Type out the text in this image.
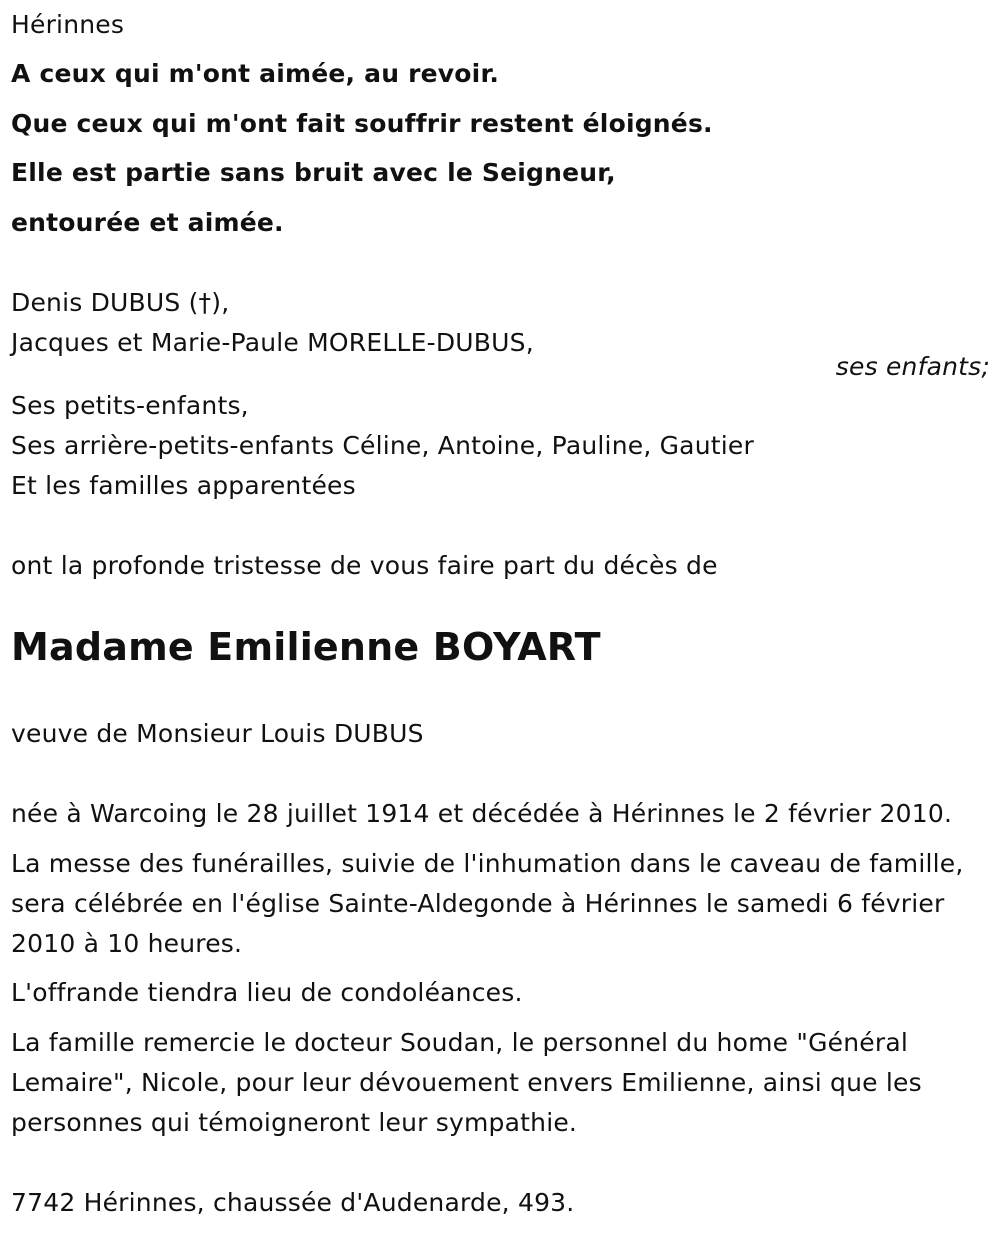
Hérinnes
A ceux qui m'ont aimée, au revoir.
Que ceux qui m'ont fait souffrir restent éloignés.
Elle est partie sans bruit avec le Seigneur,
entourée et aimée.
Denis DUBUS (†),
Jacques et Marie-Paule MORELLE-DUBUS,
ses enfants;
Ses petits-enfants,
Ses arrière-petits-enfants Céline, Antoine, Pauline, Gautier
Et les familles apparentées
ont la profonde tristesse de vous faire part du décès de
Madame Emilienne BOYART
veuve de Monsieur Louis DUBUS
née à Warcoing le 28 juillet 1914 et décédée à Hérinnes le 2 février 2010.
La messe des funérailles, suivie de l'inhumation dans le caveau de famille,
sera célébrée en l'église Sainte-Aldegonde à Hérinnes le samedi 6 février
2010 à 10 heures.
L'offrande tiendra lieu de condoléances.
La famille remercie le docteur Soudan, le personnel du home "Général
Lemaire", Nicole, pour leur dévouement envers Emilienne, ainsi que les
personnes qui témoigneront leur sympathie.
7742 Hérinnes, chaussée d'Audenarde, 493.
